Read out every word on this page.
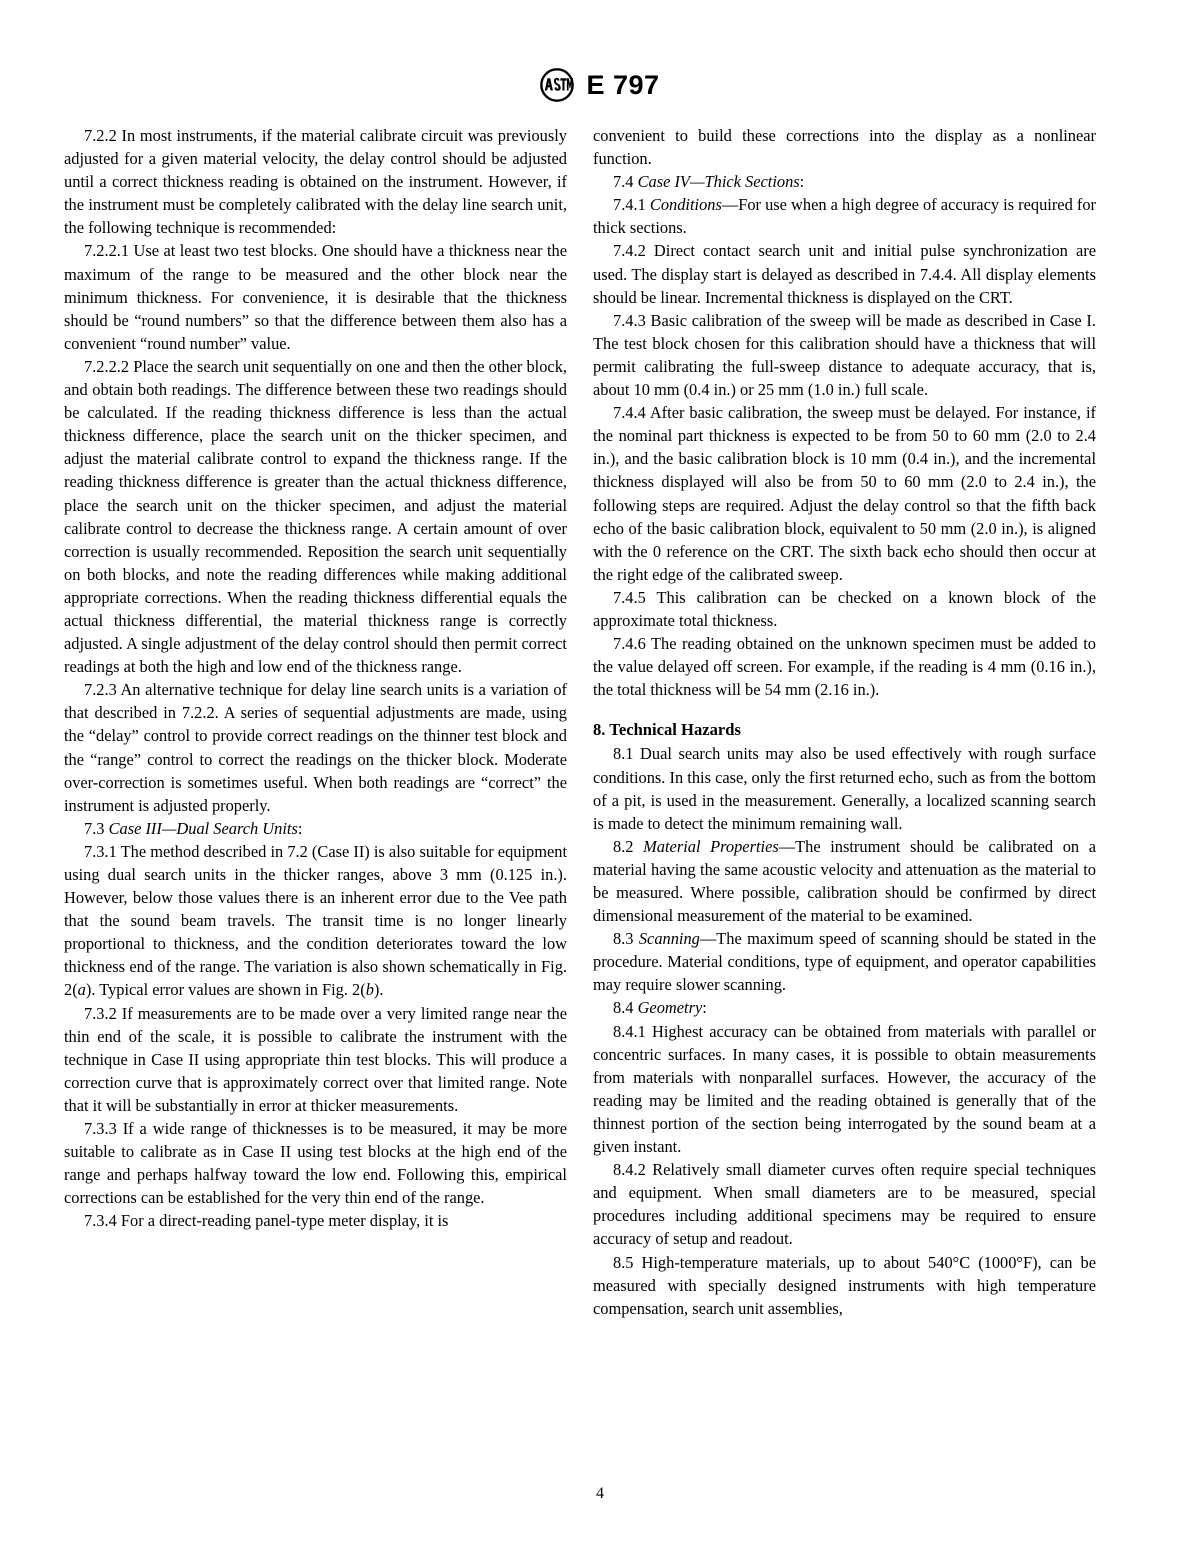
E 797

7.2.2 In most instruments, if the material calibrate circuit was previously adjusted for a given material velocity, the delay control should be adjusted until a correct thickness reading is obtained on the instrument. However, if the instrument must be completely calibrated with the delay line search unit, the following technique is recommended:

7.2.2.1 Use at least two test blocks. One should have a thickness near the maximum of the range to be measured and the other block near the minimum thickness. For convenience, it is desirable that the thickness should be “round numbers” so that the difference between them also has a convenient “round number” value.

7.2.2.2 Place the search unit sequentially on one and then the other block, and obtain both readings. The difference between these two readings should be calculated. If the reading thickness difference is less than the actual thickness difference, place the search unit on the thicker specimen, and adjust the material calibrate control to expand the thickness range. If the reading thickness difference is greater than the actual thickness difference, place the search unit on the thicker specimen, and adjust the material calibrate control to decrease the thickness range. A certain amount of over correction is usually recommended. Reposition the search unit sequentially on both blocks, and note the reading differences while making additional appropriate corrections. When the reading thickness differential equals the actual thickness differential, the material thickness range is correctly adjusted. A single adjustment of the delay control should then permit correct readings at both the high and low end of the thickness range.

7.2.3 An alternative technique for delay line search units is a variation of that described in 7.2.2. A series of sequential adjustments are made, using the “delay” control to provide correct readings on the thinner test block and the “range” control to correct the readings on the thicker block. Moderate over-correction is sometimes useful. When both readings are “correct” the instrument is adjusted properly.

7.3 Case III—Dual Search Units:

7.3.1 The method described in 7.2 (Case II) is also suitable for equipment using dual search units in the thicker ranges, above 3 mm (0.125 in.). However, below those values there is an inherent error due to the Vee path that the sound beam travels. The transit time is no longer linearly proportional to thickness, and the condition deteriorates toward the low thickness end of the range. The variation is also shown schematically in Fig. 2(a). Typical error values are shown in Fig. 2(b).

7.3.2 If measurements are to be made over a very limited range near the thin end of the scale, it is possible to calibrate the instrument with the technique in Case II using appropriate thin test blocks. This will produce a correction curve that is approximately correct over that limited range. Note that it will be substantially in error at thicker measurements.

7.3.3 If a wide range of thicknesses is to be measured, it may be more suitable to calibrate as in Case II using test blocks at the high end of the range and perhaps halfway toward the low end. Following this, empirical corrections can be established for the very thin end of the range.

7.3.4 For a direct-reading panel-type meter display, it is

convenient to build these corrections into the display as a nonlinear function.

7.4 Case IV—Thick Sections:

7.4.1 Conditions—For use when a high degree of accuracy is required for thick sections.

7.4.2 Direct contact search unit and initial pulse synchronization are used. The display start is delayed as described in 7.4.4. All display elements should be linear. Incremental thickness is displayed on the CRT.

7.4.3 Basic calibration of the sweep will be made as described in Case I. The test block chosen for this calibration should have a thickness that will permit calibrating the full-sweep distance to adequate accuracy, that is, about 10 mm (0.4 in.) or 25 mm (1.0 in.) full scale.

7.4.4 After basic calibration, the sweep must be delayed. For instance, if the nominal part thickness is expected to be from 50 to 60 mm (2.0 to 2.4 in.), and the basic calibration block is 10 mm (0.4 in.), and the incremental thickness displayed will also be from 50 to 60 mm (2.0 to 2.4 in.), the following steps are required. Adjust the delay control so that the fifth back echo of the basic calibration block, equivalent to 50 mm (2.0 in.), is aligned with the 0 reference on the CRT. The sixth back echo should then occur at the right edge of the calibrated sweep.

7.4.5 This calibration can be checked on a known block of the approximate total thickness.

7.4.6 The reading obtained on the unknown specimen must be added to the value delayed off screen. For example, if the reading is 4 mm (0.16 in.), the total thickness will be 54 mm (2.16 in.).

8. Technical Hazards

8.1 Dual search units may also be used effectively with rough surface conditions. In this case, only the first returned echo, such as from the bottom of a pit, is used in the measurement. Generally, a localized scanning search is made to detect the minimum remaining wall.

8.2 Material Properties—The instrument should be calibrated on a material having the same acoustic velocity and attenuation as the material to be measured. Where possible, calibration should be confirmed by direct dimensional measurement of the material to be examined.

8.3 Scanning—The maximum speed of scanning should be stated in the procedure. Material conditions, type of equipment, and operator capabilities may require slower scanning.

8.4 Geometry:

8.4.1 Highest accuracy can be obtained from materials with parallel or concentric surfaces. In many cases, it is possible to obtain measurements from materials with nonparallel surfaces. However, the accuracy of the reading may be limited and the reading obtained is generally that of the thinnest portion of the section being interrogated by the sound beam at a given instant.

8.4.2 Relatively small diameter curves often require special techniques and equipment. When small diameters are to be measured, special procedures including additional specimens may be required to ensure accuracy of setup and readout.

8.5 High-temperature materials, up to about 540°C (1000°F), can be measured with specially designed instruments with high temperature compensation, search unit assemblies,

4
